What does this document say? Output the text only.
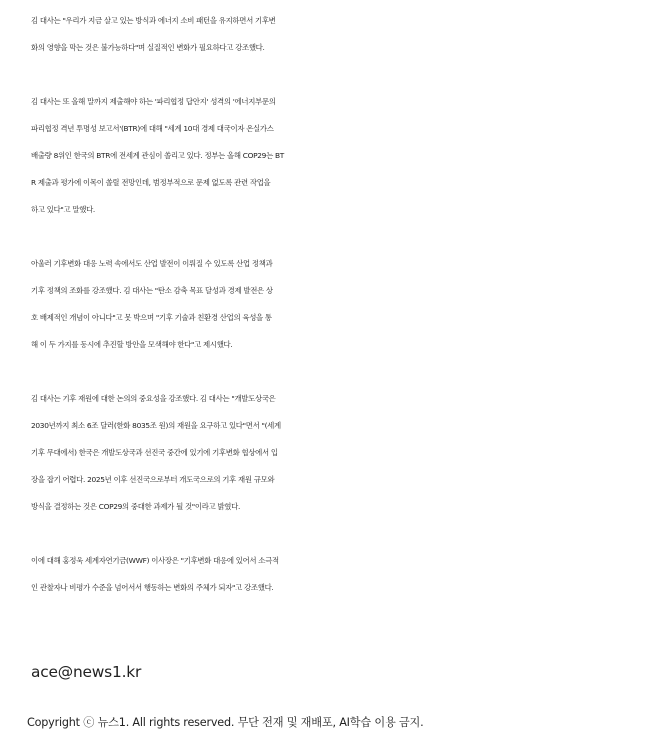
김 대사는 "우리가 지금 살고 있는 방식과 에너지 소비 패턴을 유지하면서 기후변
화의 영향을 막는 것은 불가능하다"며 실질적인 변화가 필요하다고 강조했다.

김 대사는 또 올해 말까지 제출해야 하는 '파리협정 답안지' 성격의 '에너지부문의
파리협정 격년 투명성 보고서'(BTR)에 대해 "세계 10대 경제 대국이자 온실가스
배출량 8위인 한국의 BTR에 전세계 관심이 쏠리고 있다. 정부는 올해 COP29는 BT
R 제출과 평가에 이목이 쏠릴 전망인데, 범정부적으로 문제 없도록 관련 작업을
하고 있다"고 말했다.

아울러 기후변화 대응 노력 속에서도 산업 발전이 이뤄질 수 있도록 산업 정책과
기후 정책의 조화를 강조했다. 김 대사는 "탄소 감축 목표 달성과 경제 발전은 상
호 배제적인 개념이 아니다"고 못 박으며 "기후 기술과 친환경 산업의 육성을 통
해 이 두 가지를 동시에 추진할 방안을 모색해야 한다"고 제시했다.

김 대사는 기후 재원에 대한 논의의 중요성을 강조했다. 김 대사는 "개발도상국은
2030년까지 최소 6조 달러(한화 8035조 원)의 재원을 요구하고 있다"면서 "(세계
기후 무대에서) 한국은 개발도상국과 선진국 중간에 있기에 기후변화 협상에서 입
장을 잡기 어렵다. 2025년 이후 선진국으로부터 개도국으로의 기후 재원 규모와
방식을 결정하는 것은 COP29의 중대한 과제가 될 것"이라고 밝혔다.

이에 대해 홍정욱 세계자연기금(WWF) 이사장은 "기후변화 대응에 있어서 소극적
인 관찰자나 비평가 수준을 넘어서서 행동하는 변화의 주체가 되자"고 강조했다.

ace@news1.kr
Copyright ⓒ 뉴스1. All rights reserved. 무단 전재 및 재배포, AI학습 이용 금지.
